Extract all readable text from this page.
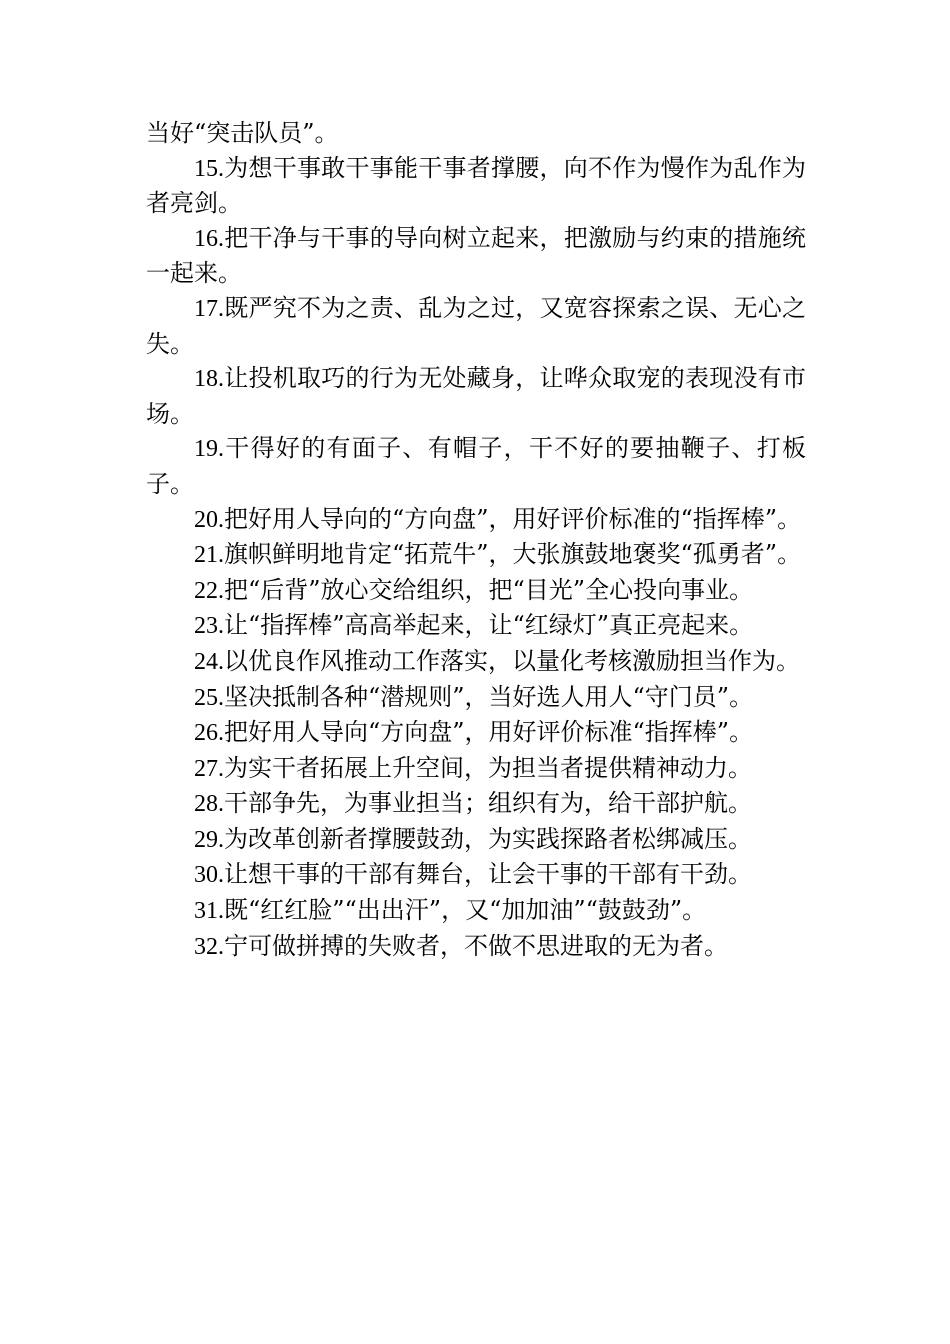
当好“突击队员”。

15.为想干事敢干事能干事者撑腰，向不作为慢作为乱作为者亮剑。

16.把干净与干事的导向树立起来，把激励与约束的措施统一起来。

17.既严究不为之责、乱为之过，又宽容探索之误、无心之失。

18.让投机取巧的行为无处藏身，让哗众取宠的表现没有市场。

19.干得好的有面子、有帽子，干不好的要抽鞭子、打板子。

20.把好用人导向的“方向盘”，用好评价标准的“指挥棒”。

21.旗帜鲜明地肯定“拓荒牛”，大张旗鼓地褒奖“孤勇者”。

22.把“后背”放心交给组织，把“目光”全心投向事业。

23.让“指挥棒”高高举起来，让“红绿灯”真正亮起来。

24.以优良作风推动工作落实，以量化考核激励担当作为。

25.坚决抵制各种“潜规则”，当好选人用人“守门员”。

26.把好用人导向“方向盘”，用好评价标准“指挥棒”。

27.为实干者拓展上升空间，为担当者提供精神动力。

28.干部争先，为事业担当；组织有为，给干部护航。

29.为改革创新者撑腰鼓劲，为实践探路者松绑减压。

30.让想干事的干部有舞台，让会干事的干部有干劲。

31.既“红红脸”“出出汗”，又“加加油”“鼓鼓劲”。

32.宁可做拼搏的失败者，不做不思进取的无为者。
